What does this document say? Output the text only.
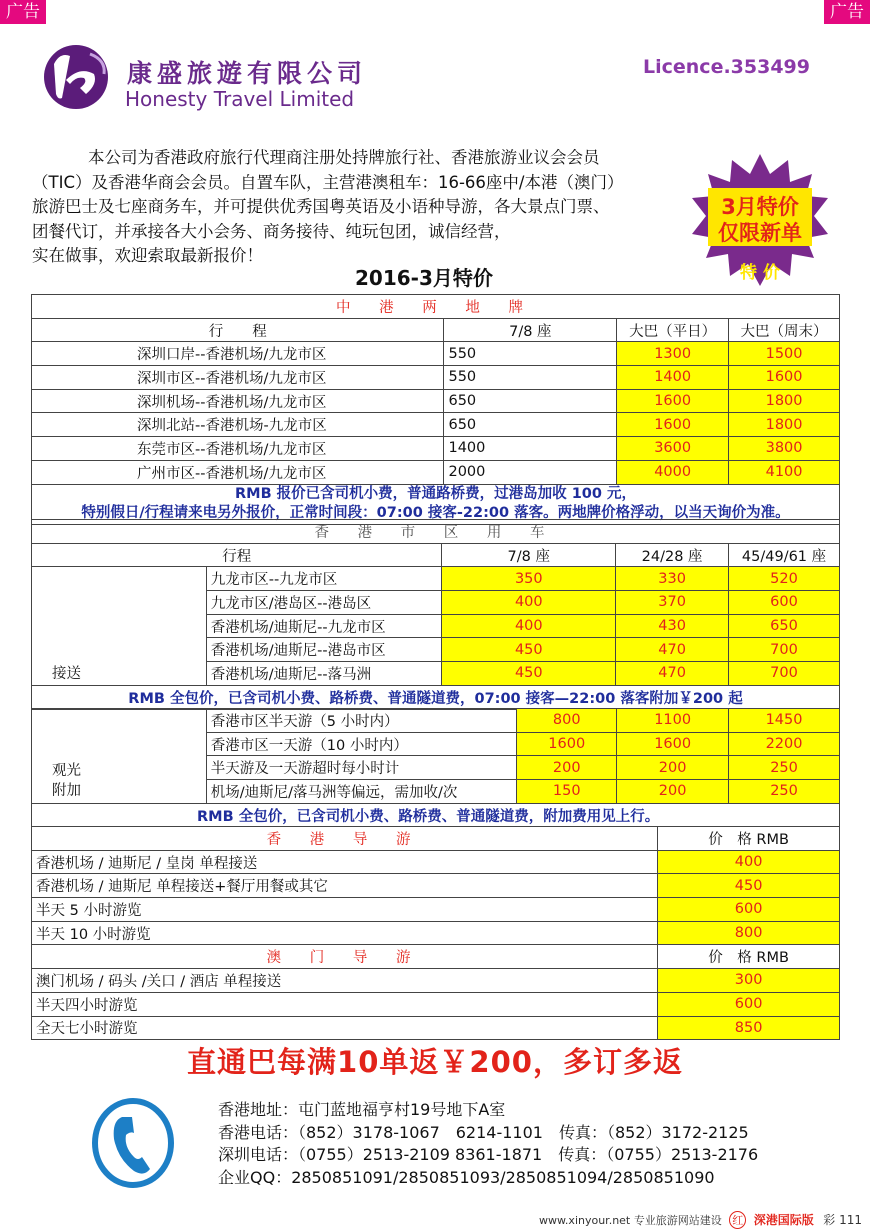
广告	广告
康盛旅遊有限公司
Honesty Travel Limited
Licence.353499

本公司为香港政府旅行代理商注册处持牌旅行社、香港旅游业议会会员

（TIC）及香港华商会会员。自置车队，主营港澳租车：16-66座中/本港（澳门）

旅游巴士及七座商务车，并可提供优秀国粤英语及小语种导游，各大景点门票、

团餐代订，并承接各大小会务、商务接待、纯玩包团，诚信经营，

实在做事，欢迎索取最新报价！

3月特价
仅限新单
特 价
2016-3月特价
中 港 两 地 牌			
行　　程	7/8 座	大巴（平日）	大巴（周末）
深圳口岸--香港机场/九龙市区	550	1300	1500
深圳市区--香港机场/九龙市区	550	1400	1600
深圳机场--香港机场/九龙市区	650	1600	1800
深圳北站--香港机场-九龙市区	650	1600	1800
东莞市区--香港机场/九龙市区	1400	3600	3800
广州市区--香港机场/九龙市区	2000	4000	4100

RMB 报价已含司机小费，普通路桥费，过港岛加收 100 元，
特别假日/行程请来电另外报价，正常时间段：07:00 接客-22:00 落客。两地牌价格浮动，以当天询价为准。			
香 港 市 区 用 车				
行程		7/8 座	24/28 座	45/49/61 座
接送	九龙市区--九龙市区	350	330	520
	九龙市区/港岛区--港岛区	400	370	600
	香港机场/迪斯尼--九龙市区	400	430	650
	香港机场/迪斯尼--港岛市区	450	470	700
	香港机场/迪斯尼--落马洲	450	470	700
RMB 全包价，已含司机小费、路桥费、普通隧道费，07:00 接客—22:00 落客附加￥200 起				
观光
附加	香港市区半天游（5 小时内）	800	1100	1450
	香港市区一天游（10 小时内）	1600	1600	2200
	半天游及一天游超时每小时计	200	200	250
	机场/迪斯尼/落马洲等偏远，需加收/次	150	200	250
RMB 全包价，已含司机小费、路桥费、普通隧道费，附加费用见上行。				
香 港 导 游	价　格 RMB
香港机场 / 迪斯尼 / 皇岗 单程接送	400
香港机场 / 迪斯尼 单程接送+餐厅用餐或其它	450
半天 5 小时游览	600
半天 10 小时游览	800
澳 门 导 游	价　格 RMB
澳门机场 / 码头 /关口 / 酒店 单程接送	300
半天四小时游览	600
全天七小时游览	850
直通巴每满10单返￥200，多订多返
香港地址：屯门蓝地福亨村19号地下A室
香港电话：（852）3178-1067　6214-1101　传真：（852）3172-2125
深圳电话：（0755）2513-2109 8361-1871　传真：（0755）2513-2176
企业QQ：2850851091/2850851093/2850851094/2850851090
www.xinyour.net 专业旅游网站建设 红 深港国际版 彩 111
